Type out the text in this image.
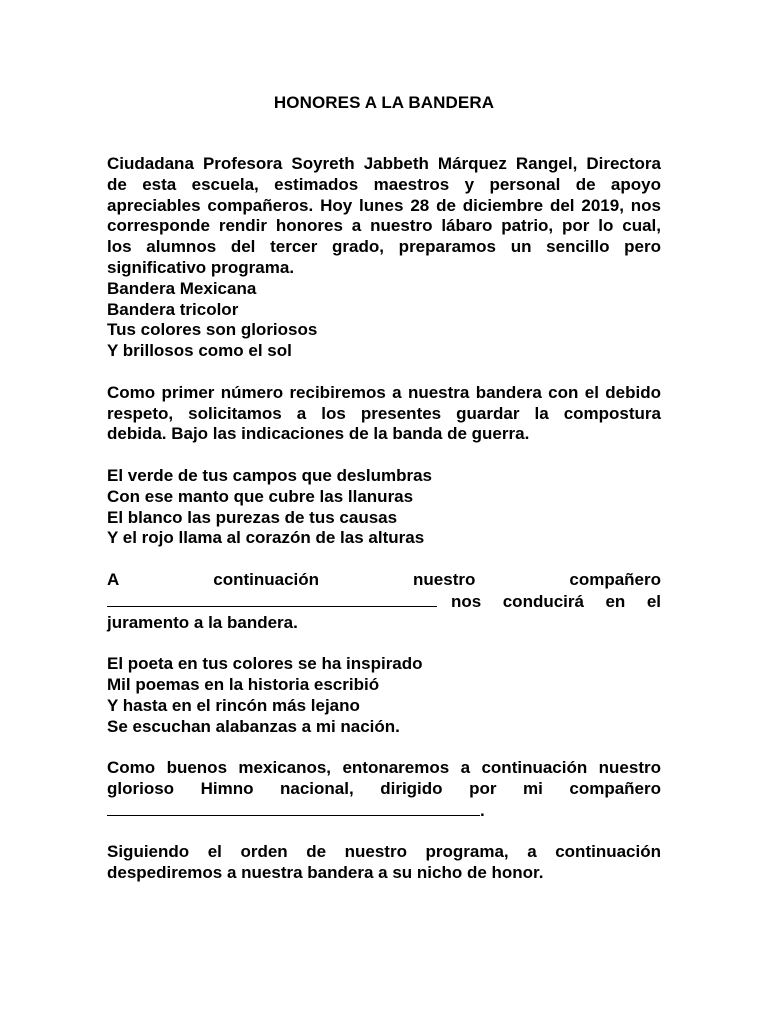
HONORES A LA BANDERA
Ciudadana Profesora Soyreth Jabbeth Márquez Rangel, Directora
de esta escuela, estimados maestros y personal de apoyo
apreciables compañeros. Hoy lunes 28 de diciembre del 2019, nos
corresponde rendir honores a nuestro lábaro patrio, por lo cual,
los alumnos del tercer grado, preparamos un sencillo pero
significativo programa.
Bandera Mexicana
Bandera tricolor
Tus colores son gloriosos
Y brillosos como el sol
Como primer número recibiremos a nuestra bandera con el debido
respeto, solicitamos a los presentes guardar la compostura
debida. Bajo las indicaciones de la banda de guerra.
El verde de tus campos que deslumbras
Con ese manto que cubre las llanuras
El blanco las purezas de tus causas
Y el rojo llama al corazón de las alturas
A	continuación	nuestro	compañero
nos conducirá en el
juramento a la bandera.
El poeta en tus colores se ha inspirado
Mil poemas en la historia escribió
Y hasta en el rincón más lejano
Se escuchan alabanzas a mi nación.
Como buenos mexicanos, entonaremos a continuación nuestro
glorioso Himno nacional, dirigido por mi compañero
.
Siguiendo el orden de nuestro programa, a continuación
despediremos a nuestra bandera a su nicho de honor.
